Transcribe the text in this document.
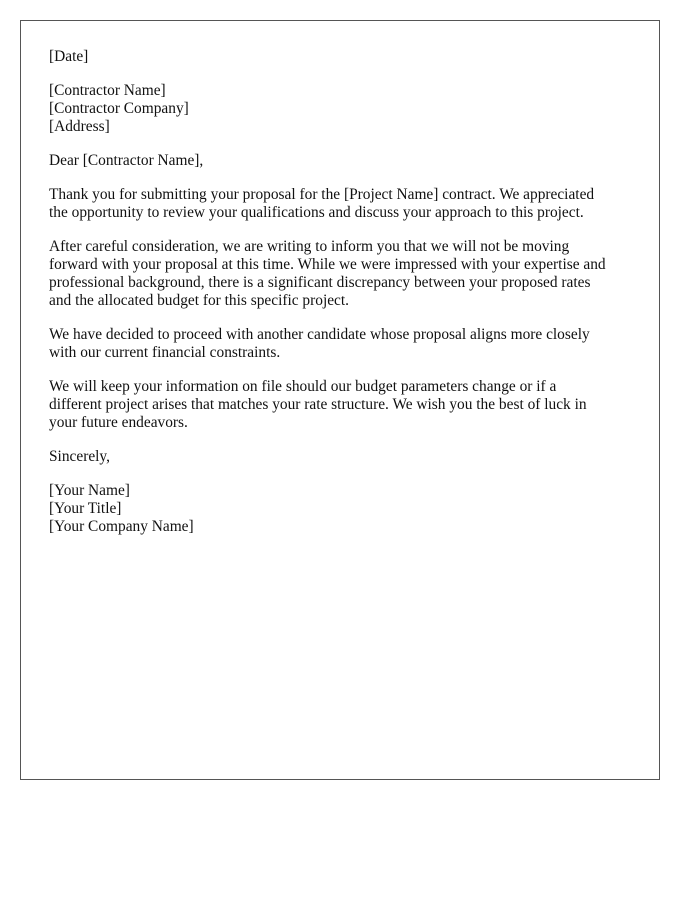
[Date]
[Contractor Name]
[Contractor Company]
[Address]
Dear [Contractor Name],
Thank you for submitting your proposal for the [Project Name] contract. We appreciated
the opportunity to review your qualifications and discuss your approach to this project.
After careful consideration, we are writing to inform you that we will not be moving
forward with your proposal at this time. While we were impressed with your expertise and
professional background, there is a significant discrepancy between your proposed rates
and the allocated budget for this specific project.
We have decided to proceed with another candidate whose proposal aligns more closely
with our current financial constraints.
We will keep your information on file should our budget parameters change or if a
different project arises that matches your rate structure. We wish you the best of luck in
your future endeavors.
Sincerely,
[Your Name]
[Your Title]
[Your Company Name]
